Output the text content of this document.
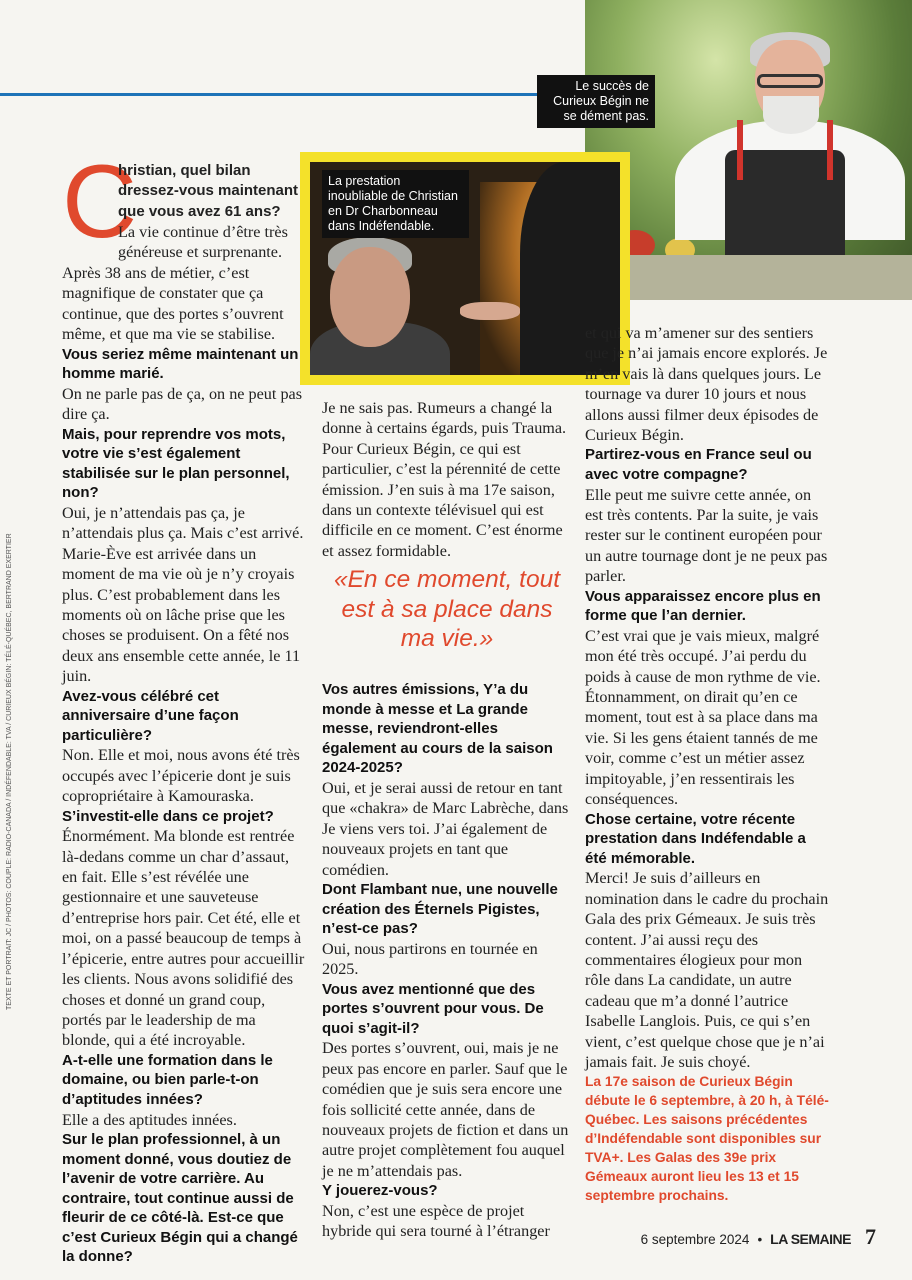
Le succès de Curieux Bégin ne se dément pas.
La prestation inoubliable de Christian en Dr Charbonneau dans Indéfendable.
C
hristian, quel bilan dressez-vous maintenant que vous avez 61 ans?
La vie continue d’être très généreuse et surprenante.

Après 38 ans de métier, c’est magnifique de constater que ça continue, que des portes s’ouvrent même, et que ma vie se stabilise.

Vous seriez même maintenant un homme marié.

On ne parle pas de ça, on ne peut pas dire ça.

Mais, pour reprendre vos mots, votre vie s’est également stabilisée sur le plan personnel, non?

Oui, je n’attendais pas ça, je n’attendais plus ça. Mais c’est arrivé. Marie-Ève est arrivée dans un moment de ma vie où je n’y croyais plus. C’est probablement dans les moments où on lâche prise que les choses se produisent. On a fêté nos deux ans ensemble cette année, le 11 juin.

Avez-vous célébré cet anniversaire d’une façon particulière?

Non. Elle et moi, nous avons été très occupés avec l’épicerie dont je suis copropriétaire à Kamouraska.

S’investit-elle dans ce projet?

Énormément. Ma blonde est rentrée là-dedans comme un char d’assaut, en fait. Elle s’est révélée une gestionnaire et une sauveteuse d’entreprise hors pair. Cet été, elle et moi, on a passé beaucoup de temps à l’épicerie, entre autres pour accueillir les clients. Nous avons solidifié des choses et donné un grand coup, portés par le leadership de ma blonde, qui a été incroyable.

A-t-elle une formation dans le domaine, ou bien parle-t-on d’aptitudes innées?

Elle a des aptitudes innées.

Sur le plan professionnel, à un moment donné, vous doutiez de l’avenir de votre carrière. Au contraire, tout continue aussi de fleurir de ce côté-là. Est-ce que c’est Curieux Bégin qui a changé la donne?

Je ne sais pas. Rumeurs a changé la donne à certains égards, puis Trauma. Pour Curieux Bégin, ce qui est particulier, c’est la pérennité de cette émission. J’en suis à ma 17e saison, dans un contexte télévisuel qui est difficile en ce moment. C’est énorme et assez formidable.

«En ce moment, tout est à sa place dans ma vie.»

Vos autres émissions, Y’a du monde à messe et La grande messe, reviendront-elles également au cours de la saison 2024-2025?

Oui, et je serai aussi de retour en tant que «chakra» de Marc Labrèche, dans Je viens vers toi. J’ai également de nouveaux projets en tant que comédien.

Dont Flambant nue, une nouvelle création des Éternels Pigistes, n’est-ce pas?

Oui, nous partirons en tournée en 2025.

Vous avez mentionné que des portes s’ouvrent pour vous. De quoi s’agit-il?

Des portes s’ouvrent, oui, mais je ne peux pas encore en parler. Sauf que le comédien que je suis sera encore une fois sollicité cette année, dans de nouveaux projets de fiction et dans un autre projet complètement fou auquel je ne m’attendais pas.

Y jouerez-vous?

Non, c’est une espèce de projet hybride qui sera tourné à l’étranger

et qui va m’amener sur des sentiers que je n’ai jamais encore explorés. Je m’en vais là dans quelques jours. Le tournage va durer 10 jours et nous allons aussi filmer deux épisodes de Curieux Bégin.

Partirez-vous en France seul ou avec votre compagne?

Elle peut me suivre cette année, on est très contents. Par la suite, je vais rester sur le continent européen pour un autre tournage dont je ne peux pas parler.

Vous apparaissez encore plus en forme que l’an dernier.

C’est vrai que je vais mieux, malgré mon été très occupé. J’ai perdu du poids à cause de mon rythme de vie. Étonnamment, on dirait qu’en ce moment, tout est à sa place dans ma vie. Si les gens étaient tannés de me voir, comme c’est un métier assez impitoyable, j’en ressentirais les conséquences.

Chose certaine, votre récente prestation dans Indéfendable a été mémorable.

Merci! Je suis d’ailleurs en nomination dans le cadre du prochain Gala des prix Gémeaux. Je suis très content. J’ai aussi reçu des commentaires élogieux pour mon rôle dans La candidate, un autre cadeau que m’a donné l’autrice Isabelle Langlois. Puis, ce qui s’en vient, c’est quelque chose que je n’ai jamais fait. Je suis choyé.

La 17e saison de Curieux Bégin débute le 6 septembre, à 20 h, à Télé-Québec. Les saisons précédentes d’Indéfendable sont disponibles sur TVA+. Les Galas des 39e prix Gémeaux auront lieu les 13 et 15 septembre prochains.

TEXTE ET PORTRAIT: JC / PHOTOS: COUPLE: RADIO-CANADA / INDÉFENDABLE: TVA / CURIEUX BÉGIN: TÉLÉ-QUÉBEC, BERTRAND EXERTIER
6 septembre 2024 • LA SEMAINE 7
